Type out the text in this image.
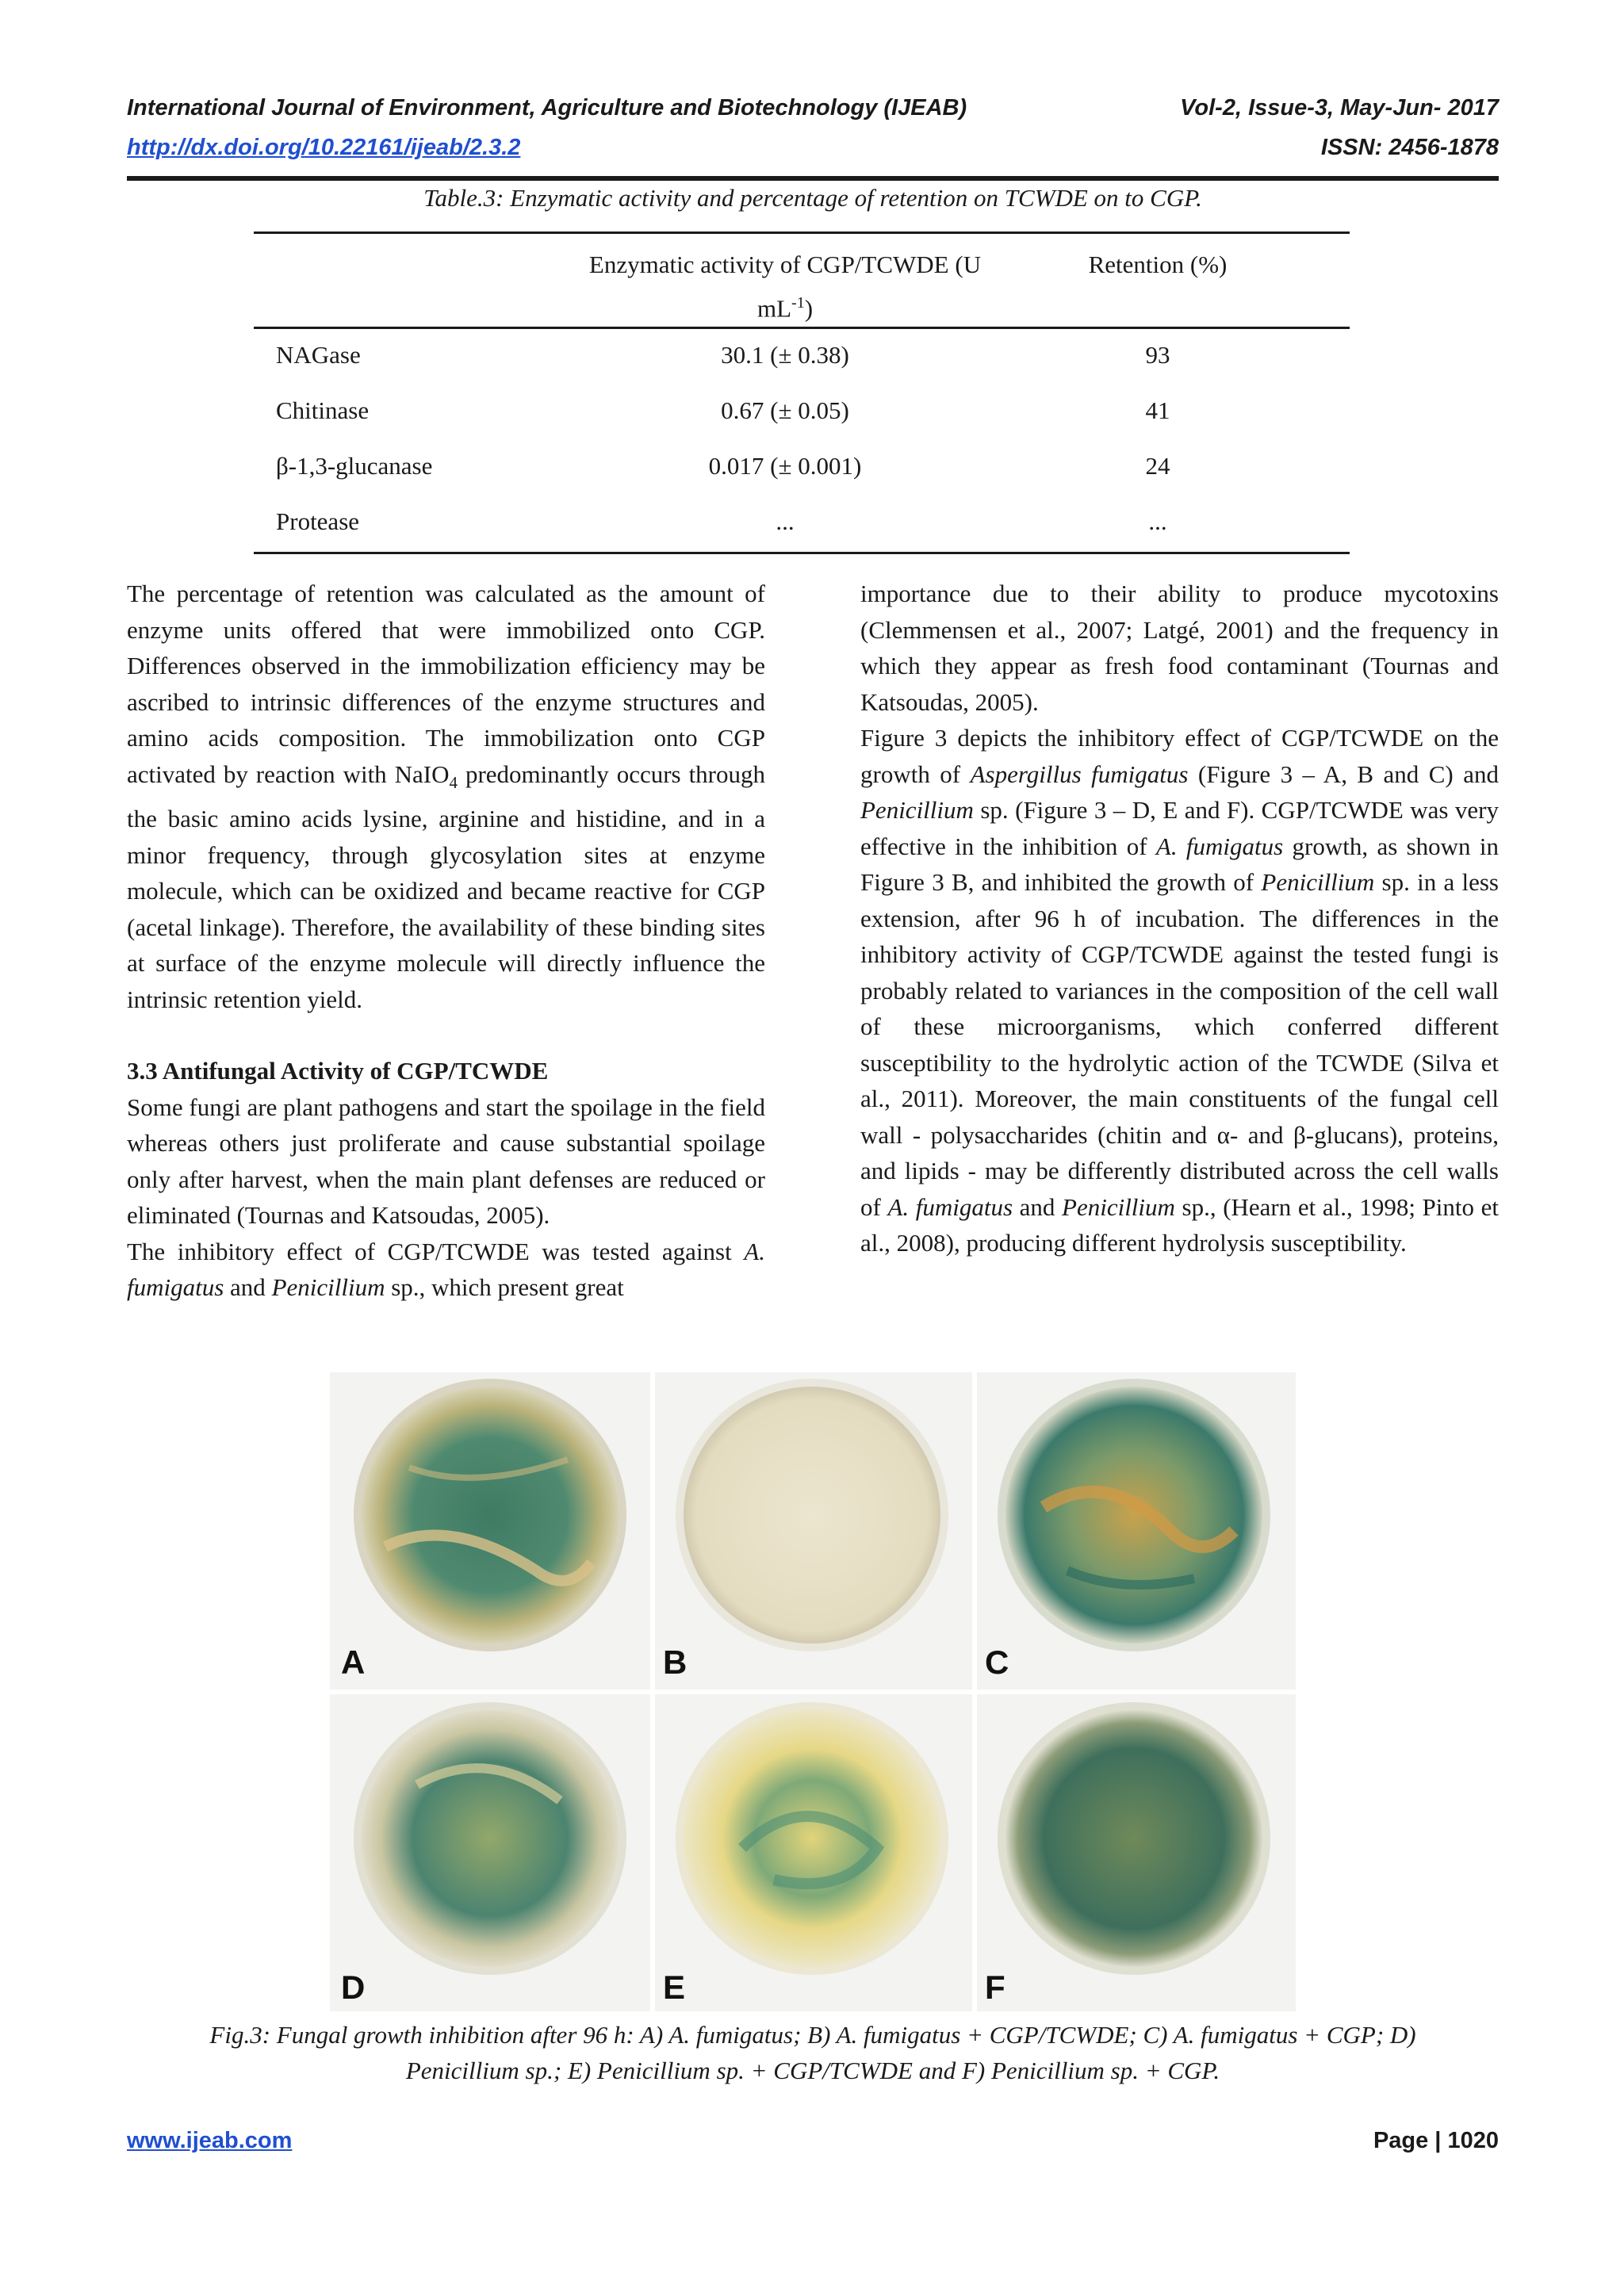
International Journal of Environment, Agriculture and Biotechnology (IJEAB)	Vol-2, Issue-3, May-Jun- 2017
http://dx.doi.org/10.22161/ijeab/2.3.2	ISSN: 2456-1878
Table.3: Enzymatic activity and percentage of retention on TCWDE on to CGP.
Enzymatic activity of CGP/TCWDE (U
$mL^{-1}$)
Retention (%)
NAGase	30.1 (± 0.38)	93
Chitinase	0.67 (± 0.05)	41
β-1,3-glucanase	0.017 (± 0.001)	24
Protease	...	...

The percentage of retention was calculated as the amount of enzyme units offered that were immobilized onto CGP. Differences observed in the immobilization efficiency may be ascribed to intrinsic differences of the enzyme structures and amino acids composition. The immobilization onto CGP activated by reaction with NaIO$_4$ predominantly occurs through the basic amino acids lysine, arginine and histidine, and in a minor frequency, through glycosylation sites at enzyme molecule, which can be oxidized and became reactive for CGP (acetal linkage). Therefore, the availability of these binding sites at surface of the enzyme molecule will directly influence the intrinsic retention yield.

3.3 Antifungal Activity of CGP/TCWDE

Some fungi are plant pathogens and start the spoilage in the field whereas others just proliferate and cause substantial spoilage only after harvest, when the main plant defenses are reduced or eliminated (Tournas and Katsoudas, 2005).

The inhibitory effect of CGP/TCWDE was tested against A. fumigatus and Penicillium sp., which present great

importance due to their ability to produce mycotoxins (Clemmensen et al., 2007; Latgé, 2001) and the frequency in which they appear as fresh food contaminant (Tournas and Katsoudas, 2005).

Figure 3 depicts the inhibitory effect of CGP/TCWDE on the growth of Aspergillus fumigatus (Figure 3 – A, B and C) and Penicillium sp. (Figure 3 – D, E and F). CGP/TCWDE was very effective in the inhibition of A. fumigatus growth, as shown in Figure 3 B, and inhibited the growth of Penicillium sp. in a less extension, after 96 h of incubation. The differences in the inhibitory activity of CGP/TCWDE against the tested fungi is probably related to variances in the composition of the cell wall of these microorganisms, which conferred different susceptibility to the hydrolytic action of the TCWDE (Silva et al., 2011). Moreover, the main constituents of the fungal cell wall - polysaccharides (chitin and α- and β-glucans), proteins, and lipids - may be differently distributed across the cell walls of A. fumigatus and Penicillium sp., (Hearn et al., 1998; Pinto et al., 2008), producing different hydrolysis susceptibility.

A	B	C
D	E	F
Fig.3: Fungal growth inhibition after 96 h: A) A. fumigatus; B) A. fumigatus + CGP/TCWDE; C) A. fumigatus + CGP; D)
Penicillium sp.; E) Penicillium sp. + CGP/TCWDE and F) Penicillium sp. + CGP.
www.ijeab.com	Page | 1020
